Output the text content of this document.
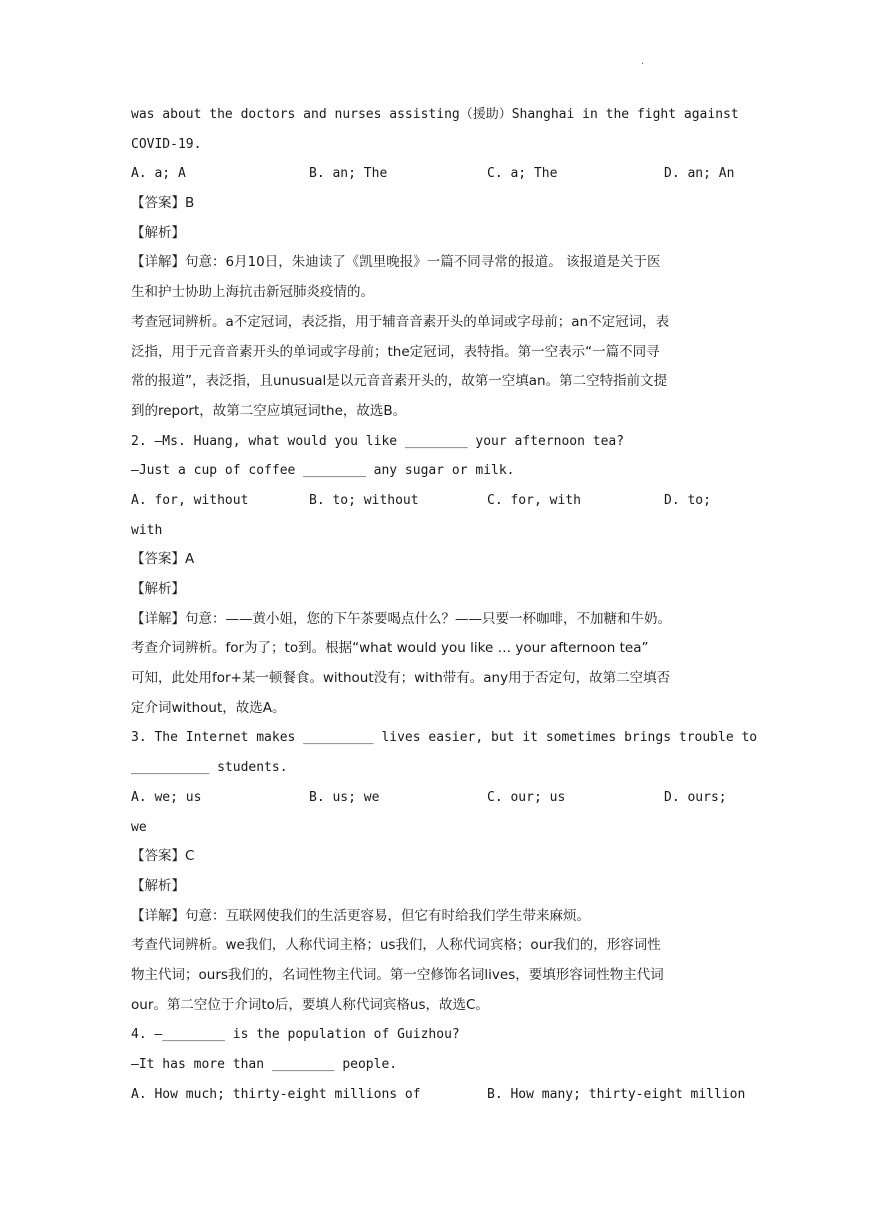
.
was about the doctors and nurses assisting（援助）Shanghai in the fight against
COVID-19.
A. a; A	B. an; The	C. a; The	D. an; An
【答案】B
【解析】
【详解】句意：6月10日，朱迪读了《凯里晚报》一篇不同寻常的报道。 该报道是关于医
生和护士协助上海抗击新冠肺炎疫情的。
考查冠词辨析。a不定冠词，表泛指，用于辅音音素开头的单词或字母前；an不定冠词，表
泛指，用于元音音素开头的单词或字母前；the定冠词，表特指。第一空表示“一篇不同寻
常的报道”，表泛指，且unusual是以元音音素开头的，故第一空填an。第二空特指前文提
到的report，故第二空应填冠词the，故选B。
2. —Ms. Huang, what would you like ________ your afternoon tea?
—Just a cup of coffee ________ any sugar or milk.
A. for, without	B. to; without	C. for, with	D. to;
with
【答案】A
【解析】
【详解】句意：——黄小姐，您的下午茶要喝点什么？——只要一杯咖啡，不加糖和牛奶。
考查介词辨析。for为了；to到。根据“what would you like … your afternoon tea”
可知，此处用for+某一顿餐食。without没有；with带有。any用于否定句，故第二空填否
定介词without，故选A。
3. The Internet makes _________ lives easier, but it sometimes brings trouble to
__________ students.
A. we; us	B. us; we	C. our; us	D. ours;
we
【答案】C
【解析】
【详解】句意：互联网使我们的生活更容易，但它有时给我们学生带来麻烦。
考查代词辨析。we我们，人称代词主格；us我们，人称代词宾格；our我们的，形容词性
物主代词；ours我们的，名词性物主代词。第一空修饰名词lives，要填形容词性物主代词
our。第二空位于介词to后，要填人称代词宾格us，故选C。
4. —________ is the population of Guizhou?
—It has more than ________ people.
A. How much; thirty-eight millions of	B. How many; thirty-eight million
